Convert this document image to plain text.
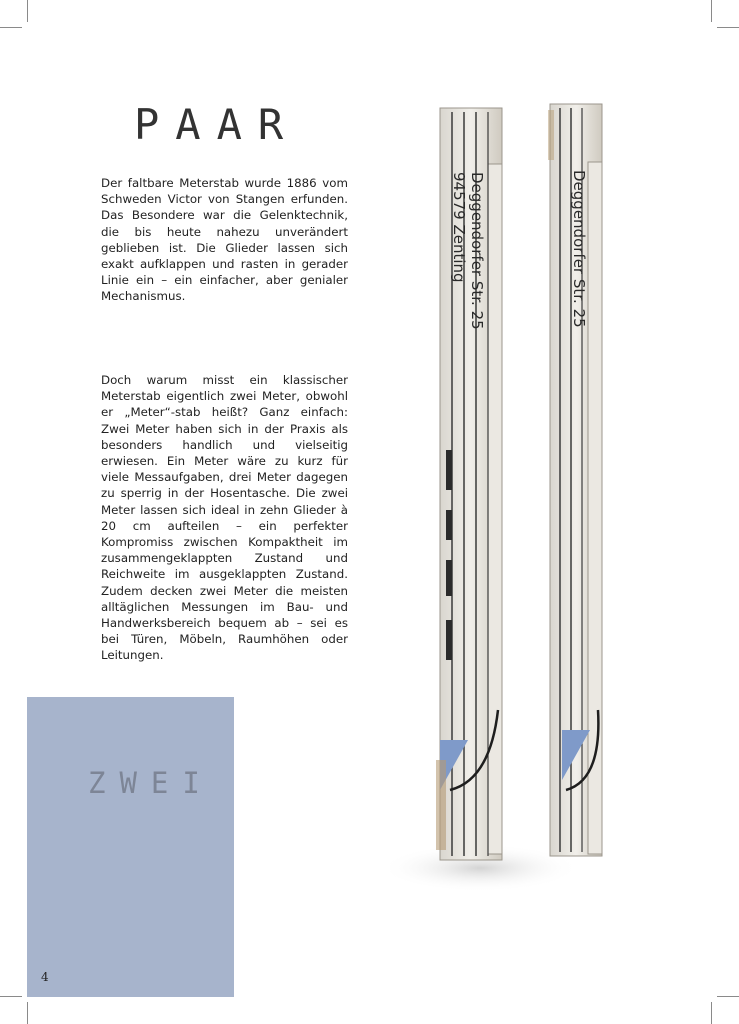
PAAR

Der faltbare Meterstab wurde 1886 vom Schweden Victor von Stangen erfunden. Das Besondere war die Gelenktechnik, die bis heute nahezu unverändert geblieben ist. Die Glieder lassen sich exakt aufklappen und rasten in gerader Linie ein – ein einfacher, aber genialer Mechanismus.

Doch warum misst ein klassischer Meterstab eigentlich zwei Meter, obwohl er „Meter“-stab heißt? Ganz einfach: Zwei Meter haben sich in der Praxis als besonders handlich und vielseitig erwiesen. Ein Meter wäre zu kurz für viele Messaufgaben, drei Meter dagegen zu sperrig in der Hosentasche. Die zwei Meter lassen sich ideal in zehn Glieder à 20 cm aufteilen – ein perfekter Kompromiss zwischen Kompaktheit im zusammengeklappten Zustand und Reichweite im ausgeklappten Zustand. Zudem decken zwei Meter die meisten alltäglichen Messungen im Bau- und Handwerksbereich bequem ab – sei es bei Türen, Möbeln, Raumhöhen oder Leitungen.

ZWEI
4
Deggendorfer Str. 25
94579 Zenting	Deggendorfer Str. 25
